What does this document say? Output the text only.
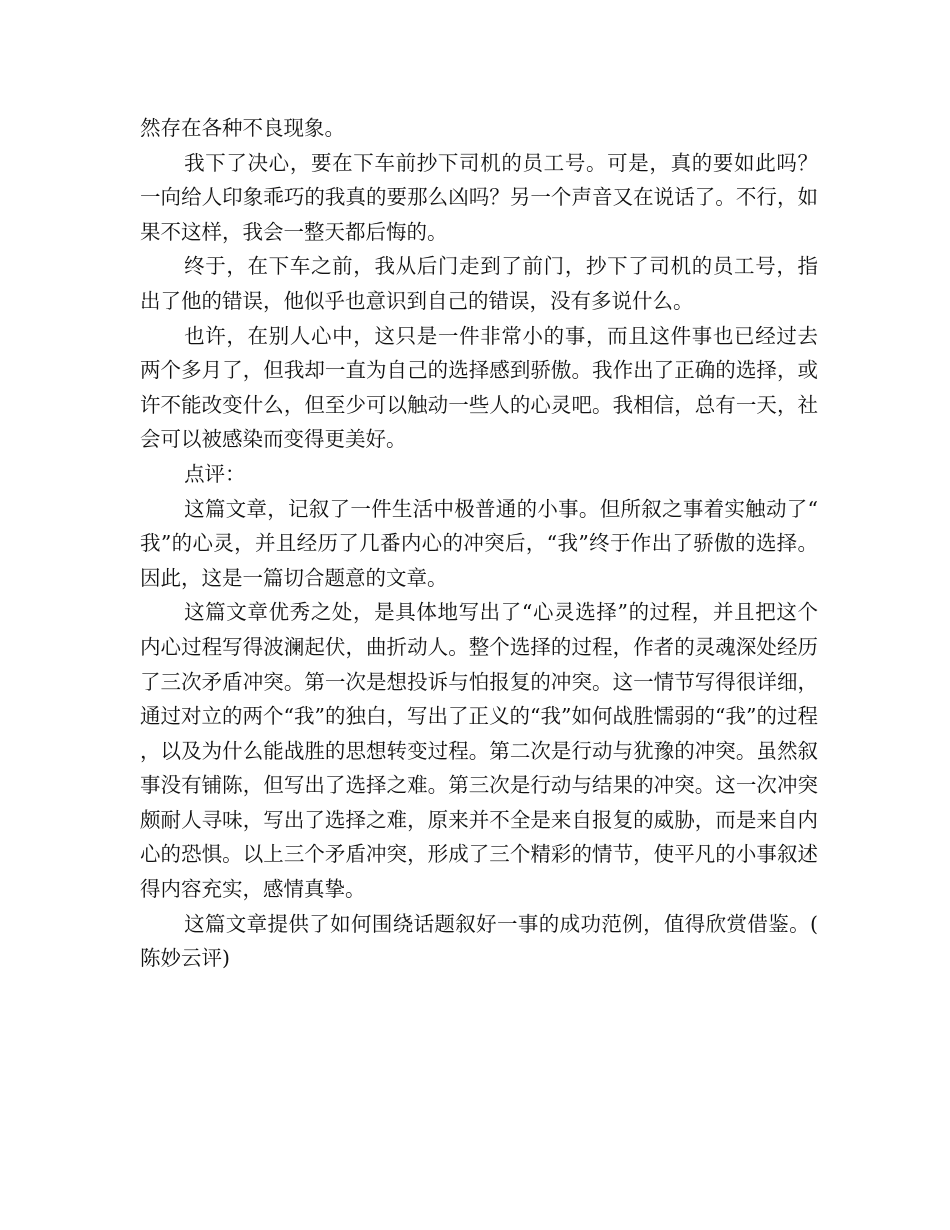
然存在各种不良现象。

我下了决心，要在下车前抄下司机的员工号。可是，真的要如此吗？一向给人印象乖巧的我真的要那么凶吗？另一个声音又在说话了。不行，如果不这样，我会一整天都后悔的。

终于，在下车之前，我从后门走到了前门，抄下了司机的员工号，指出了他的错误，他似乎也意识到自己的错误，没有多说什么。

也许，在别人心中，这只是一件非常小的事，而且这件事也已经过去两个多月了，但我却一直为自己的选择感到骄傲。我作出了正确的选择，或许不能改变什么，但至少可以触动一些人的心灵吧。我相信，总有一天，社会可以被感染而变得更美好。

点评：

这篇文章，记叙了一件生活中极普通的小事。但所叙之事着实触动了“我”的心灵，并且经历了几番内心的冲突后，“我”终于作出了骄傲的选择。因此，这是一篇切合题意的文章。

这篇文章优秀之处，是具体地写出了“心灵选择”的过程，并且把这个内心过程写得波澜起伏，曲折动人。整个选择的过程，作者的灵魂深处经历了三次矛盾冲突。第一次是想投诉与怕报复的冲突。这一情节写得很详细，通过对立的两个“我”的独白，写出了正义的“我”如何战胜懦弱的“我”的过程，以及为什么能战胜的思想转变过程。第二次是行动与犹豫的冲突。虽然叙事没有铺陈，但写出了选择之难。第三次是行动与结果的冲突。这一次冲突颇耐人寻味，写出了选择之难，原来并不全是来自报复的威胁，而是来自内心的恐惧。以上三个矛盾冲突，形成了三个精彩的情节，使平凡的小事叙述得内容充实，感情真挚。

这篇文章提供了如何围绕话题叙好一事的成功范例，值得欣赏借鉴。(陈妙云评)
